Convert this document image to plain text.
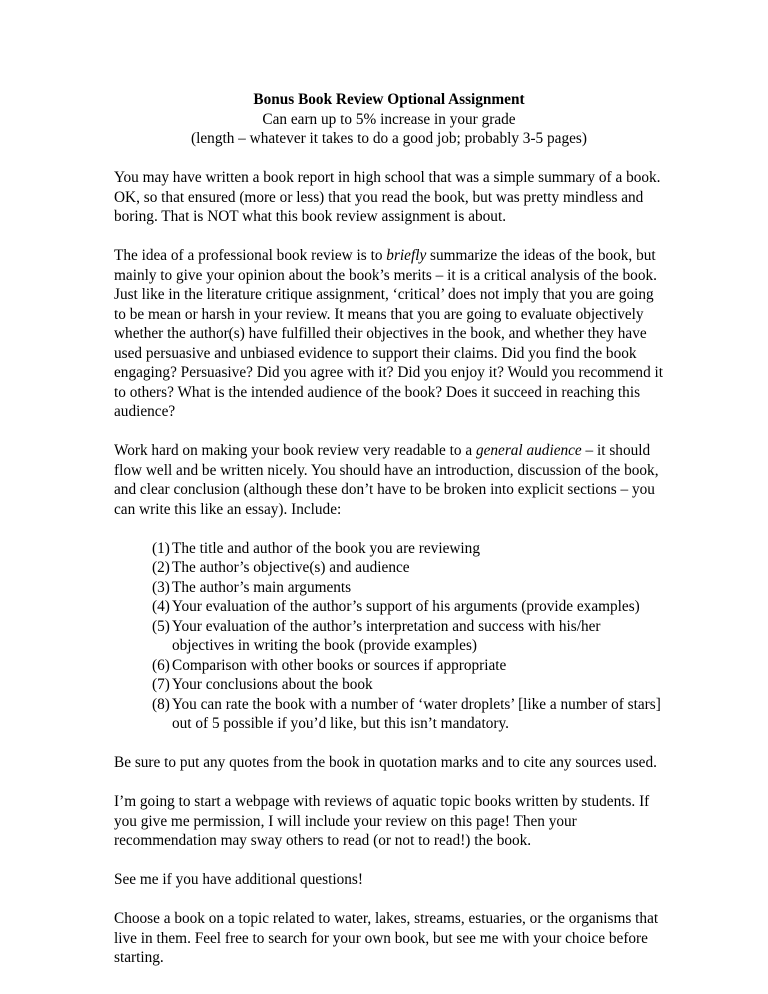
Bonus Book Review Optional Assignment
Can earn up to 5% increase in your grade
(length – whatever it takes to do a good job; probably 3-5 pages)

You may have written a book report in high school that was a simple summary of a book. OK, so that ensured (more or less) that you read the book, but was pretty mindless and boring. That is NOT what this book review assignment is about.

The idea of a professional book review is to briefly summarize the ideas of the book, but mainly to give your opinion about the book’s merits – it is a critical analysis of the book. Just like in the literature critique assignment, ‘critical’ does not imply that you are going to be mean or harsh in your review. It means that you are going to evaluate objectively whether the author(s) have fulfilled their objectives in the book, and whether they have used persuasive and unbiased evidence to support their claims. Did you find the book engaging? Persuasive? Did you agree with it? Did you enjoy it? Would you recommend it to others? What is the intended audience of the book? Does it succeed in reaching this audience?

Work hard on making your book review very readable to a general audience – it should flow well and be written nicely. You should have an introduction, discussion of the book, and clear conclusion (although these don’t have to be broken into explicit sections – you can write this like an essay). Include:

(1) The title and author of the book you are reviewing
(2) The author’s objective(s) and audience
(3) The author’s main arguments
(4) Your evaluation of the author’s support of his arguments (provide examples)
(5) Your evaluation of the author’s interpretation and success with his/her objectives in writing the book (provide examples)
(6) Comparison with other books or sources if appropriate
(7) Your conclusions about the book
(8) You can rate the book with a number of ‘water droplets’ [like a number of stars] out of 5 possible if you’d like, but this isn’t mandatory.

Be sure to put any quotes from the book in quotation marks and to cite any sources used.

I’m going to start a webpage with reviews of aquatic topic books written by students. If you give me permission, I will include your review on this page! Then your recommendation may sway others to read (or not to read!) the book.

See me if you have additional questions!

Choose a book on a topic related to water, lakes, streams, estuaries, or the organisms that live in them. Feel free to search for your own book, but see me with your choice before starting.
